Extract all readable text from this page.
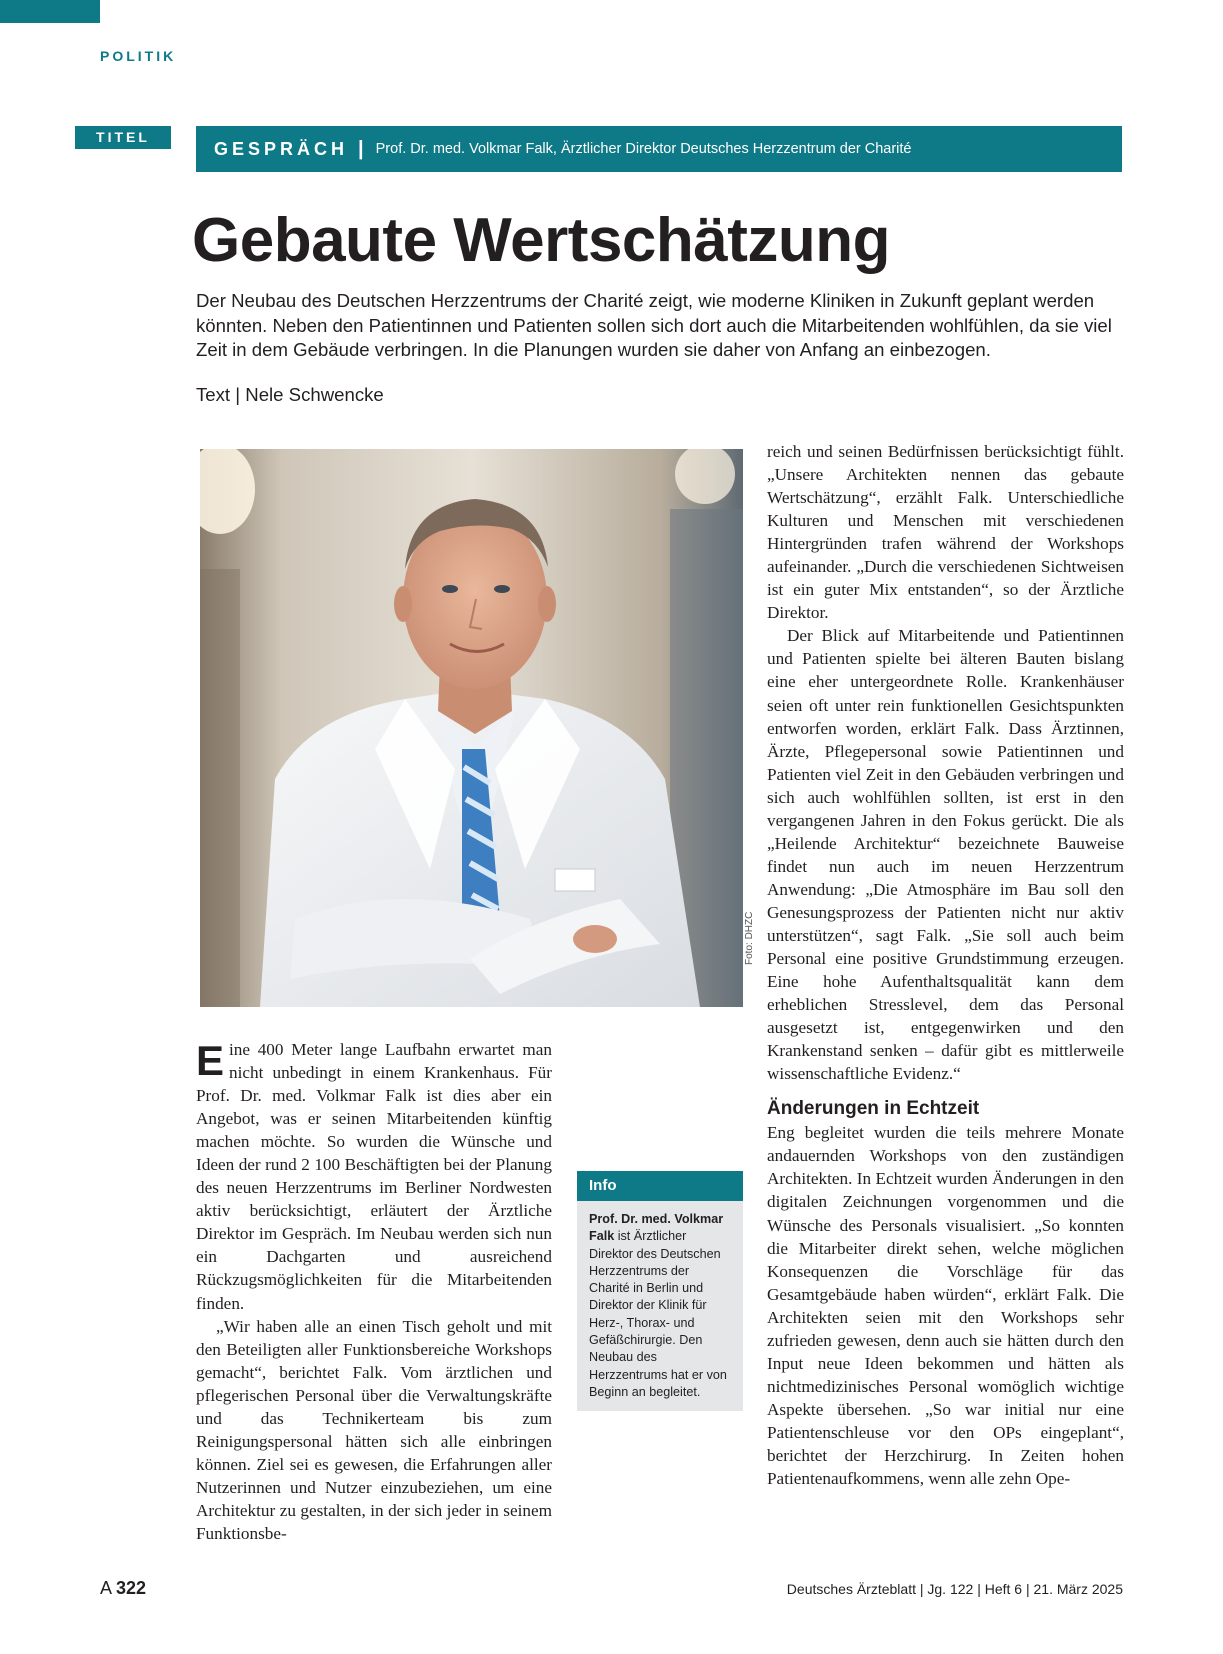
POLITIK
TITEL
GESPRÄCH | Prof. Dr. med. Volkmar Falk, Ärztlicher Direktor Deutsches Herzzentrum der Charité
Gebaute Wertschätzung

Der Neubau des Deutschen Herzzentrums der Charité zeigt, wie moderne Kliniken in Zukunft geplant werden könnten. Neben den Patientinnen und Patienten sollen sich dort auch die Mitarbeitenden wohlfühlen, da sie viel Zeit in dem Gebäude verbringen. In die Planungen wurden sie daher von Anfang an einbezogen.

Text | Nele Schwencke
Foto: DHZC

Eine 400 Meter lange Laufbahn erwartet man nicht unbedingt in einem Krankenhaus. Für Prof. Dr. med. Volkmar Falk ist dies aber ein Angebot, was er seinen Mitarbeitenden künftig machen möchte. So wurden die Wünsche und Ideen der rund 2 100 Beschäftigten bei der Planung des neuen Herzzentrums im Berliner Nordwesten aktiv berücksichtigt, erläutert der Ärztliche Direktor im Gespräch. Im Neubau werden sich nun ein Dachgarten und ausreichend Rückzugsmöglichkeiten für die Mitarbeitenden finden.

„Wir haben alle an einen Tisch geholt und mit den Beteiligten aller Funktionsbereiche Workshops gemacht“, berichtet Falk. Vom ärztlichen und pflegerischen Personal über die Verwaltungskräfte und das Technikerteam bis zum Reinigungspersonal hätten sich alle einbringen können. Ziel sei es gewesen, die Erfahrungen aller Nutzerinnen und Nutzer einzubeziehen, um eine Architektur zu gestalten, in der sich jeder in seinem Funktionsbe-

Info
Prof. Dr. med. Volkmar Falk ist Ärztlicher Direktor des Deutschen Herzzentrums der Charité in Berlin und Direktor der Klinik für Herz-, Thorax- und Gefäßchirurgie. Den Neubau des Herzzentrums hat er von Beginn an begleitet.

reich und seinen Bedürfnissen berücksichtigt fühlt. „Unsere Architekten nennen das gebaute Wertschätzung“, erzählt Falk. Unterschiedliche Kulturen und Menschen mit verschiedenen Hintergründen trafen während der Workshops aufeinander. „Durch die verschiedenen Sichtweisen ist ein guter Mix entstanden“, so der Ärztliche Direktor.

Der Blick auf Mitarbeitende und Patientinnen und Patienten spielte bei älteren Bauten bislang eine eher untergeordnete Rolle. Krankenhäuser seien oft unter rein funktionellen Gesichtspunkten entworfen worden, erklärt Falk. Dass Ärztinnen, Ärzte, Pflegepersonal sowie Patientinnen und Patienten viel Zeit in den Gebäuden verbringen und sich auch wohlfühlen sollten, ist erst in den vergangenen Jahren in den Fokus gerückt. Die als „Heilende Architektur“ bezeichnete Bauweise findet nun auch im neuen Herzzentrum Anwendung: „Die Atmosphäre im Bau soll den Genesungsprozess der Patienten nicht nur aktiv unterstützen“, sagt Falk. „Sie soll auch beim Personal eine positive Grundstimmung erzeugen. Eine hohe Aufenthaltsqualität kann dem erheblichen Stresslevel, dem das Personal ausgesetzt ist, entgegenwirken und den Krankenstand senken – dafür gibt es mittlerweile wissenschaftliche Evidenz.“

Änderungen in Echtzeit

Eng begleitet wurden die teils mehrere Monate andauernden Workshops von den zuständigen Architekten. In Echtzeit wurden Änderungen in den digitalen Zeichnungen vorgenommen und die Wünsche des Personals visualisiert. „So konnten die Mitarbeiter direkt sehen, welche möglichen Konsequenzen die Vorschläge für das Gesamtgebäude haben würden“, erklärt Falk. Die Architekten seien mit den Workshops sehr zufrieden gewesen, denn auch sie hätten durch den Input neue Ideen bekommen und hätten als nichtmedizinisches Personal womöglich wichtige Aspekte übersehen. „So war initial nur eine Patientenschleuse vor den OPs eingeplant“, berichtet der Herzchirurg. In Zeiten hohen Patientenaufkommens, wenn alle zehn Ope-

A 322	Deutsches Ärzteblatt | Jg. 122 | Heft 6 | 21. März 2025
